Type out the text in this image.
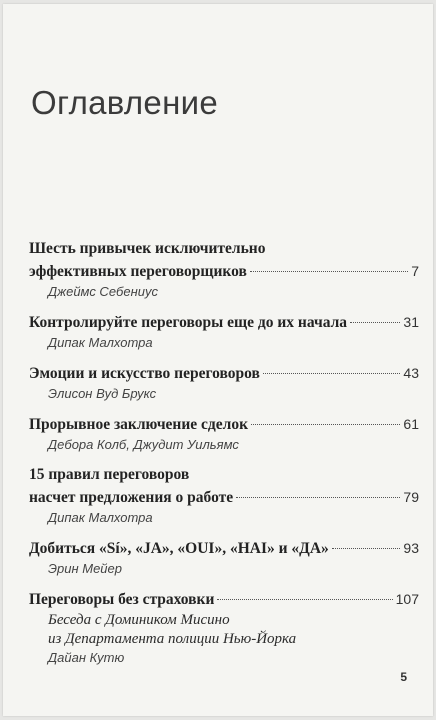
Оглавление
Шесть привычек исключительно
эффективных переговорщиков	7
Джеймс Себениус
Контролируйте переговоры еще до их начала	31
Дипак Малхотра
Эмоции и искусство переговоров	43
Элисон Вуд Брукс
Прорывное заключение сделок	61
Дебора Колб, Джудит Уильямс
15 правил переговоров
насчет предложения о работе	79
Дипак Малхотра
Добиться «Sí», «JA», «OUI», «HAI» и «ДА»	93
Эрин Мейер
Переговоры без страховки	107
Беседа с Домиником Мисино
из Департамента полиции Нью-Йорка
Дайан Кутю
5
